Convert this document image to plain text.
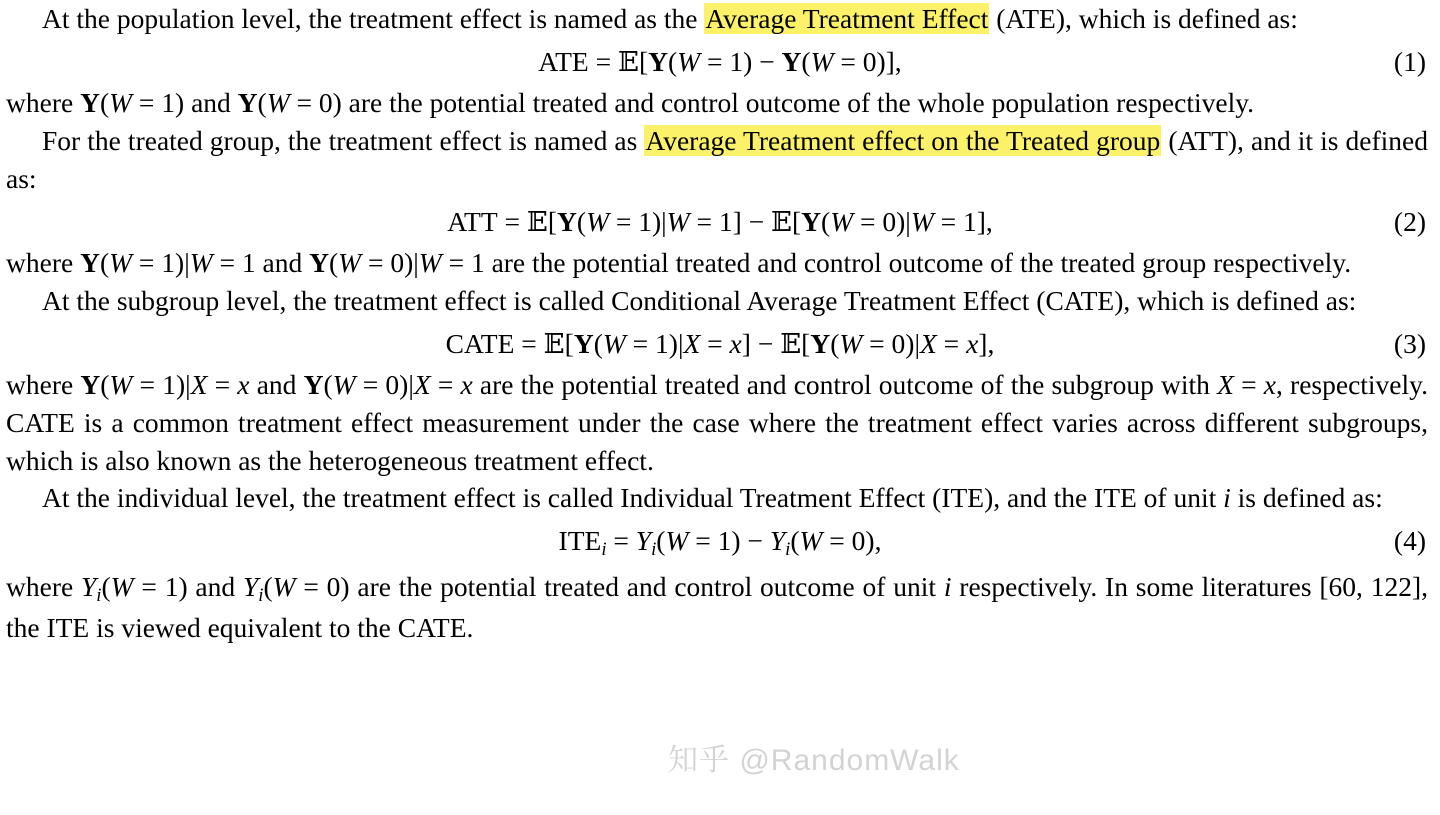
At the population level, the treatment effect is named as the Average Treatment Effect (ATE), which is defined as:

ATE = 𝔼[Y(W = 1) − Y(W = 0)],	(1)

where Y(W = 1) and Y(W = 0) are the potential treated and control outcome of the whole population respectively.

For the treated group, the treatment effect is named as Average Treatment effect on the Treated group (ATT), and it is defined as:

ATT = 𝔼[Y(W = 1)|W = 1] − 𝔼[Y(W = 0)|W = 1],	(2)

where Y(W = 1)|W = 1 and Y(W = 0)|W = 1 are the potential treated and control outcome of the treated group respectively.

At the subgroup level, the treatment effect is called Conditional Average Treatment Effect (CATE), which is defined as:

CATE = 𝔼[Y(W = 1)|X = x] − 𝔼[Y(W = 0)|X = x],	(3)

where Y(W = 1)|X = x and Y(W = 0)|X = x are the potential treated and control outcome of the subgroup with X = x, respectively. CATE is a common treatment effect measurement under the case where the treatment effect varies across different subgroups, which is also known as the heterogeneous treatment effect.

At the individual level, the treatment effect is called Individual Treatment Effect (ITE), and the ITE of unit i is defined as:

$ITE_i = Y_i(W = 1) - Y_i(W = 0)$,	(4)

where $Y_i(W = 1)$ and $Y_i(W = 0)$ are the potential treated and control outcome of unit i respectively. In some literatures [60, 122], the ITE is viewed equivalent to the CATE.

知乎 @RandomWalk
